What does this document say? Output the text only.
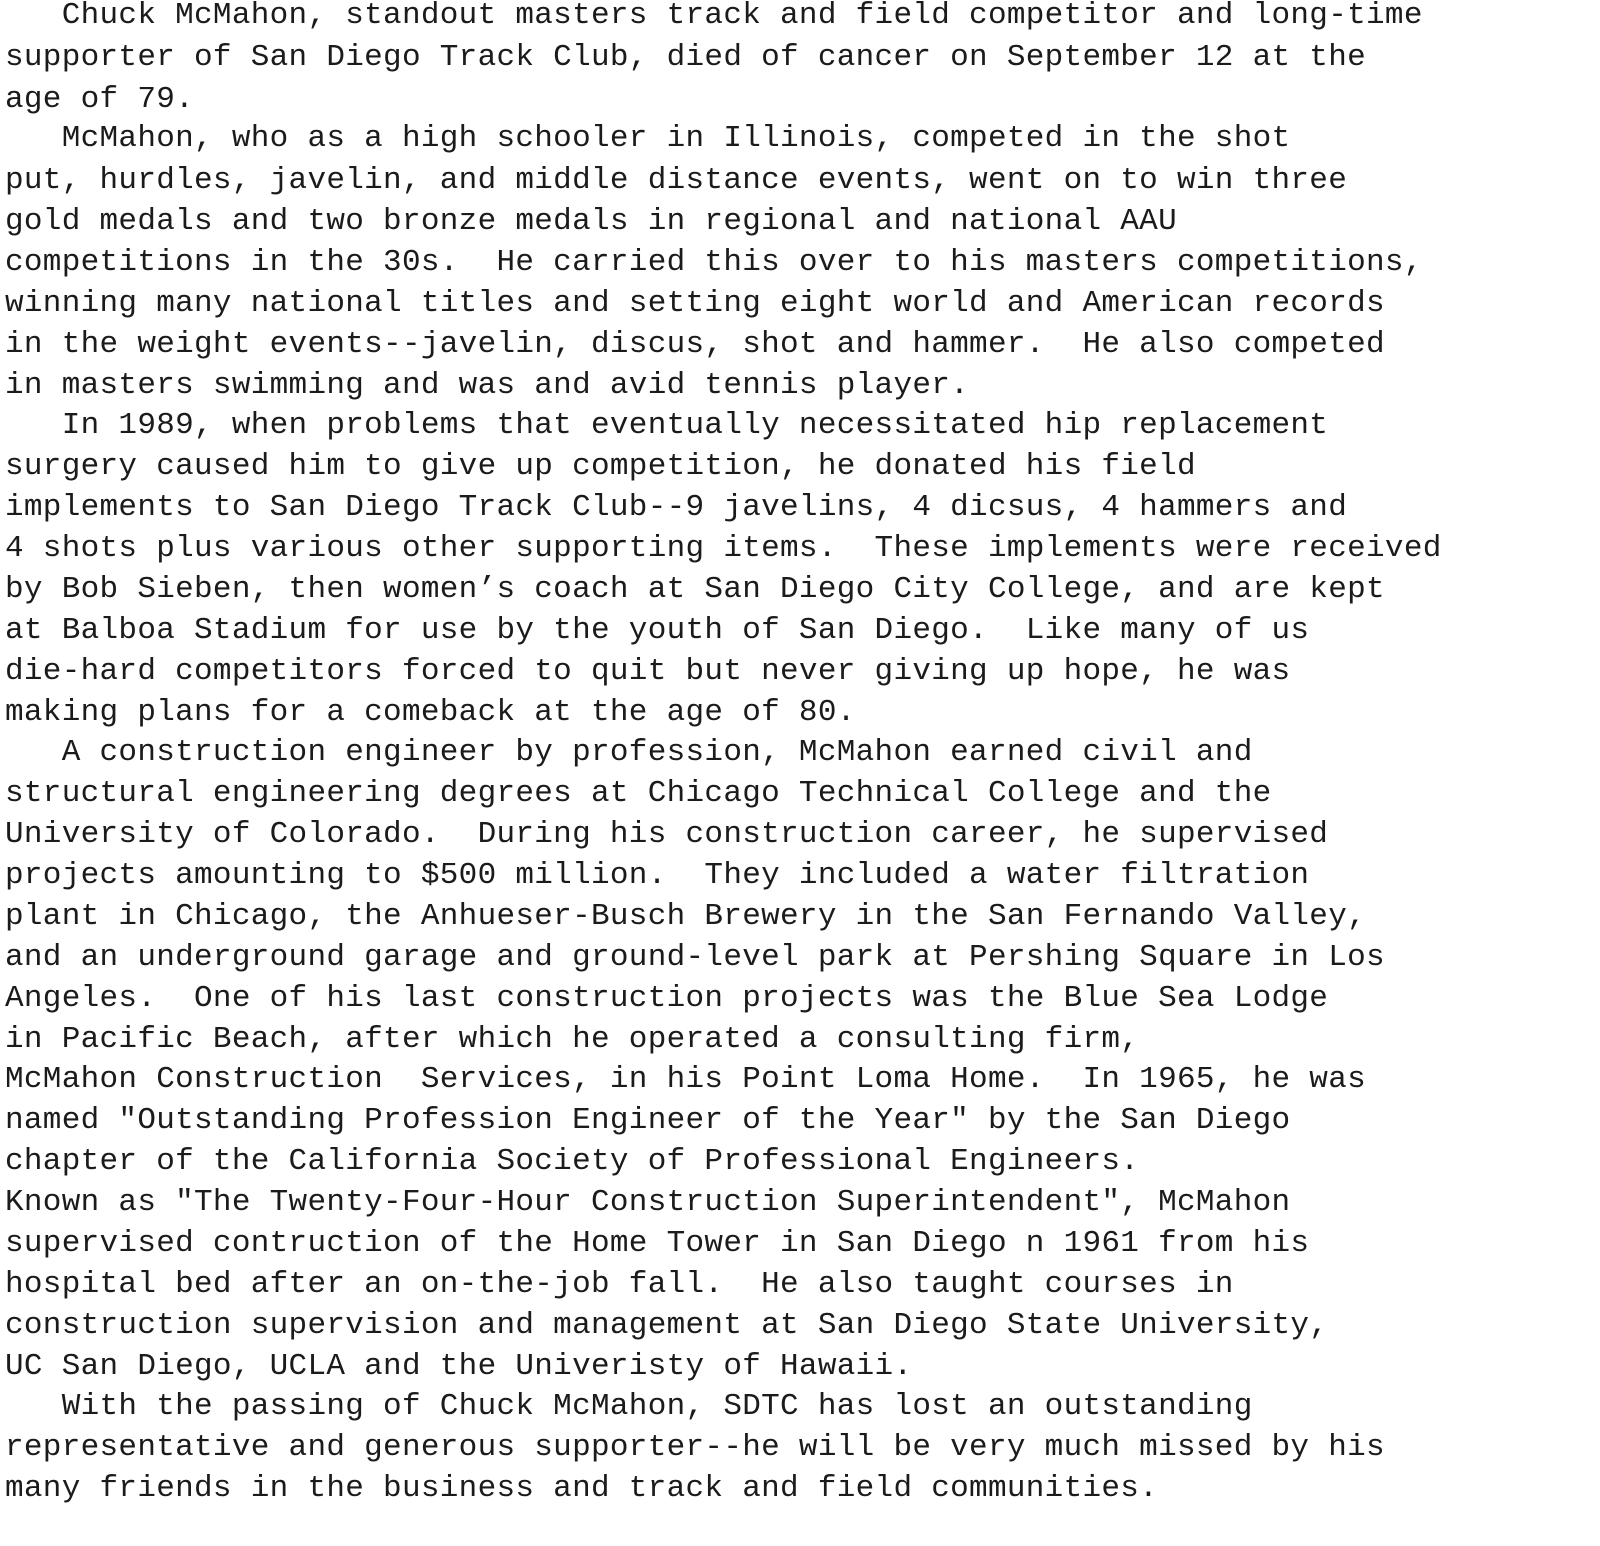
Chuck McMahon, standout masters track and field competitor and long-time
supporter of San Diego Track Club, died of cancer on September 12 at the
age of 79.
McMahon, who as a high schooler in Illinois, competed in the shot
put, hurdles, javelin, and middle distance events, went on to win three
gold medals and two bronze medals in regional and national AAU
competitions in the 30s.  He carried this over to his masters competitions,
winning many national titles and setting eight world and American records
in the weight events--javelin, discus, shot and hammer.  He also competed
in masters swimming and was and avid tennis player.
In 1989, when problems that eventually necessitated hip replacement
surgery caused him to give up competition, he donated his field
implements to San Diego Track Club--9 javelins, 4 dicsus, 4 hammers and
4 shots plus various other supporting items.  These implements were received
by Bob Sieben, then women’s coach at San Diego City College, and are kept
at Balboa Stadium for use by the youth of San Diego.  Like many of us
die-hard competitors forced to quit but never giving up hope, he was
making plans for a comeback at the age of 80.
A construction engineer by profession, McMahon earned civil and
structural engineering degrees at Chicago Technical College and the
University of Colorado.  During his construction career, he supervised
projects amounting to $500 million.  They included a water filtration
plant in Chicago, the Anhueser-Busch Brewery in the San Fernando Valley,
and an underground garage and ground-level park at Pershing Square in Los
Angeles.  One of his last construction projects was the Blue Sea Lodge
in Pacific Beach, after which he operated a consulting firm,
McMahon Construction  Services, in his Point Loma Home.  In 1965, he was
named "Outstanding Profession Engineer of the Year" by the San Diego
chapter of the California Society of Professional Engineers.
Known as "The Twenty-Four-Hour Construction Superintendent", McMahon
supervised contruction of the Home Tower in San Diego n 1961 from his
hospital bed after an on-the-job fall.  He also taught courses in
construction supervision and management at San Diego State University,
UC San Diego, UCLA and the Univeristy of Hawaii.
With the passing of Chuck McMahon, SDTC has lost an outstanding
representative and generous supporter--he will be very much missed by his
many friends in the business and track and field communities.
